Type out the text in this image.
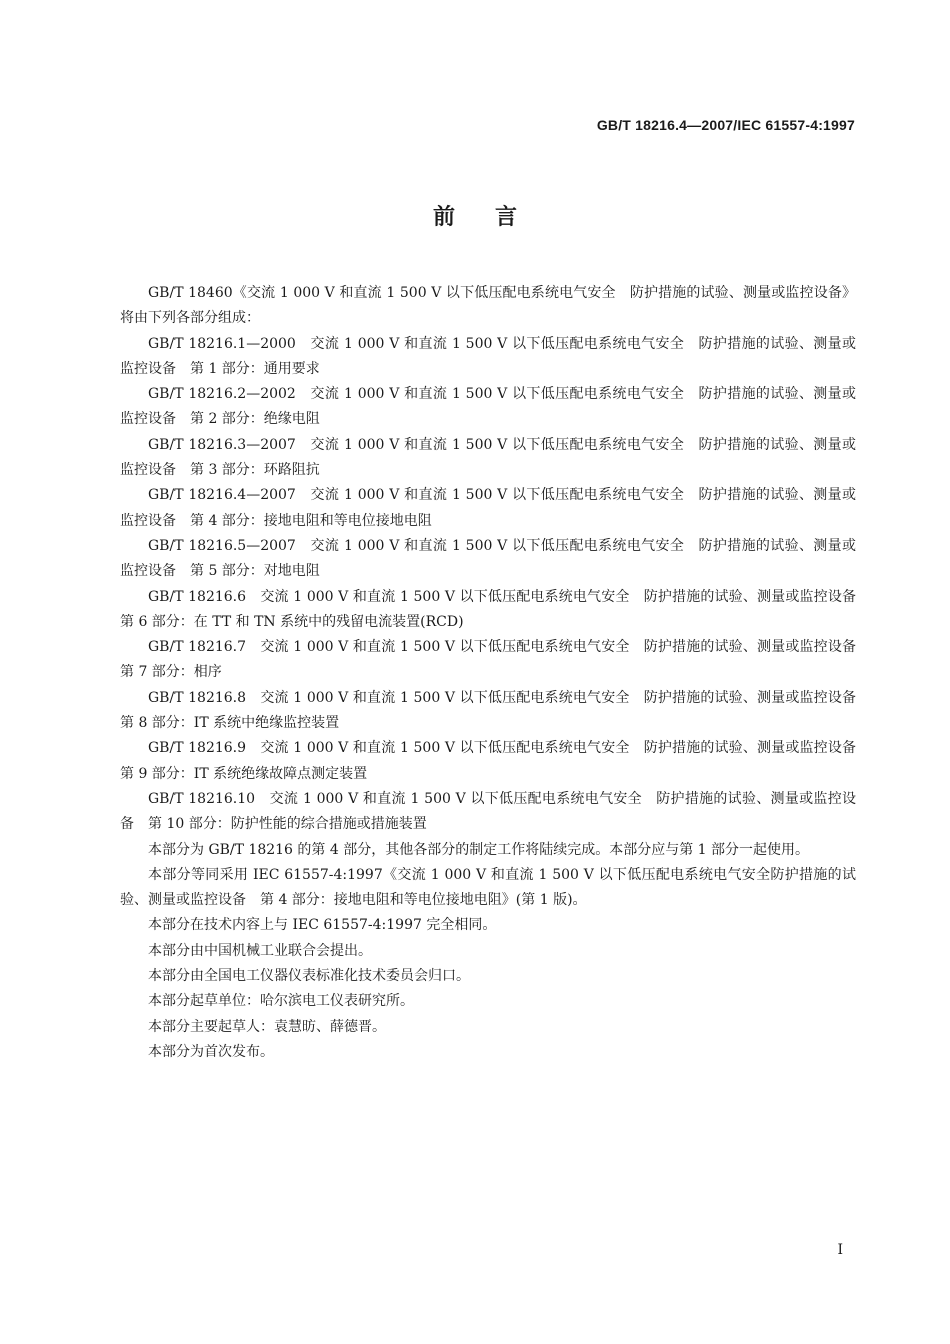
GB/T 18216.4—2007/IEC 61557-4:1997
前言

GB/T 18460《交流 1 000 V 和直流 1 500 V 以下低压配电系统电气安全　防护措施的试验、测量或监控设备》将由下列各部分组成：

GB/T 18216.1—2000　交流 1 000 V 和直流 1 500 V 以下低压配电系统电气安全　防护措施的试验、测量或监控设备　第 1 部分：通用要求

GB/T 18216.2—2002　交流 1 000 V 和直流 1 500 V 以下低压配电系统电气安全　防护措施的试验、测量或监控设备　第 2 部分：绝缘电阻

GB/T 18216.3—2007　交流 1 000 V 和直流 1 500 V 以下低压配电系统电气安全　防护措施的试验、测量或监控设备　第 3 部分：环路阻抗

GB/T 18216.4—2007　交流 1 000 V 和直流 1 500 V 以下低压配电系统电气安全　防护措施的试验、测量或监控设备　第 4 部分：接地电阻和等电位接地电阻

GB/T 18216.5—2007　交流 1 000 V 和直流 1 500 V 以下低压配电系统电气安全　防护措施的试验、测量或监控设备　第 5 部分：对地电阻

GB/T 18216.6　交流 1 000 V 和直流 1 500 V 以下低压配电系统电气安全　防护措施的试验、测量或监控设备　第 6 部分：在 TT 和 TN 系统中的残留电流装置(RCD)

GB/T 18216.7　交流 1 000 V 和直流 1 500 V 以下低压配电系统电气安全　防护措施的试验、测量或监控设备　第 7 部分：相序

GB/T 18216.8　交流 1 000 V 和直流 1 500 V 以下低压配电系统电气安全　防护措施的试验、测量或监控设备　第 8 部分：IT 系统中绝缘监控装置

GB/T 18216.9　交流 1 000 V 和直流 1 500 V 以下低压配电系统电气安全　防护措施的试验、测量或监控设备　第 9 部分：IT 系统绝缘故障点测定装置

GB/T 18216.10　交流 1 000 V 和直流 1 500 V 以下低压配电系统电气安全　防护措施的试验、测量或监控设备　第 10 部分：防护性能的综合措施或措施装置

本部分为 GB/T 18216 的第 4 部分，其他各部分的制定工作将陆续完成。本部分应与第 1 部分一起使用。

本部分等同采用 IEC 61557-4:1997《交流 1 000 V 和直流 1 500 V 以下低压配电系统电气安全防护措施的试验、测量或监控设备　第 4 部分：接地电阻和等电位接地电阻》(第 1 版)。

本部分在技术内容上与 IEC 61557-4:1997 完全相同。

本部分由中国机械工业联合会提出。

本部分由全国电工仪器仪表标准化技术委员会归口。

本部分起草单位：哈尔滨电工仪表研究所。

本部分主要起草人：袁慧昉、薛德晋。

本部分为首次发布。

I
